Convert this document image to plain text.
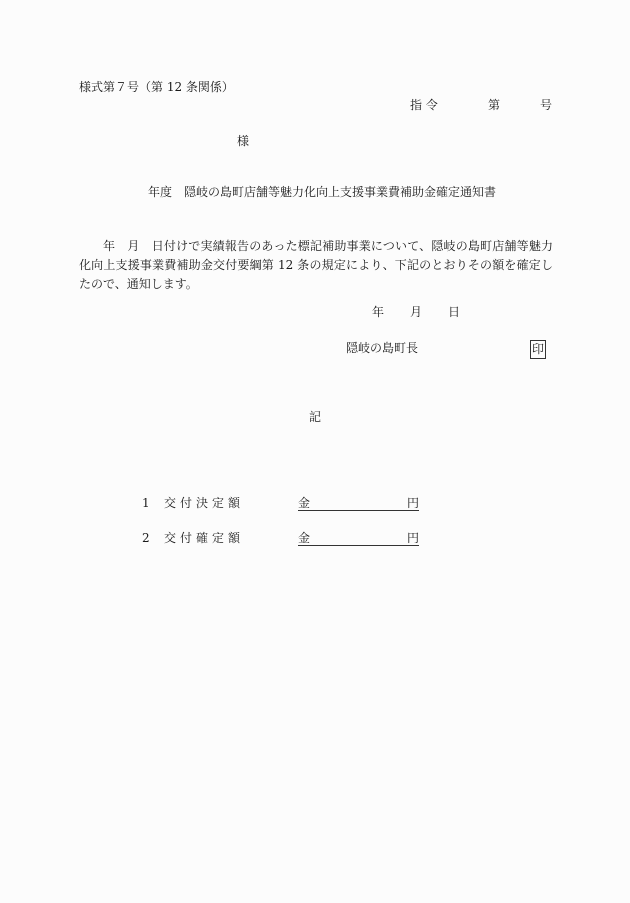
様式第７号（第 12 条関係）
指 令	第	号
様
年度　隠岐の島町店舗等魅力化向上支援事業費補助金確定通知書
年　月　日付けで実績報告のあった標記補助事業について、隠岐の島町店舗等魅力化向上支援事業費補助金交付要綱第 12 条の規定により、下記のとおりその額を確定したので、通知します。
年 月 日
隠岐の島町長	印
記
1 交付決定額	金	円
2 交付確定額	金	円
